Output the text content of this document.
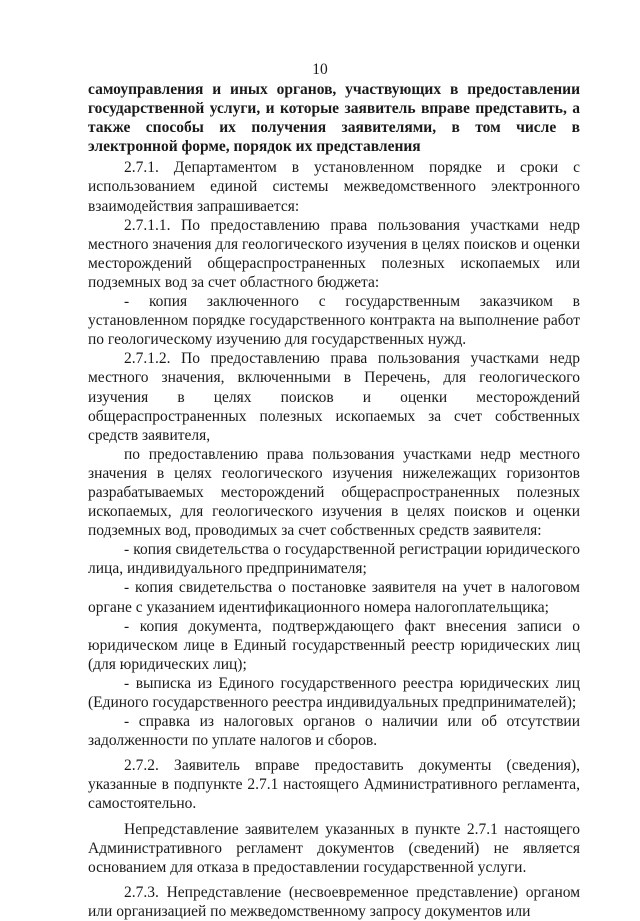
10

самоуправления и иных органов, участвующих в предоставлении государственной услуги, и которые заявитель вправе представить, а также способы их получения заявителями, в том числе в электронной форме, порядок их представления

2.7.1. Департаментом в установленном порядке и сроки с использованием единой системы межведомственного электронного взаимодействия запрашивается:

2.7.1.1. По предоставлению права пользования участками недр местного значения для геологического изучения в целях поисков и оценки месторождений общераспространенных полезных ископаемых или подземных вод за счет областного бюджета:

- копия заключенного с государственным заказчиком в установленном порядке государственного контракта на выполнение работ по геологическому изучению для государственных нужд.

2.7.1.2. По предоставлению права пользования участками недр местного значения, включенными в Перечень, для геологического изучения в целях поисков и оценки месторождений общераспространенных полезных ископаемых за счет собственных средств заявителя,

по предоставлению права пользования участками недр местного значения в целях геологического изучения нижележащих горизонтов разрабатываемых месторождений общераспространенных полезных ископаемых, для геологического изучения в целях поисков и оценки подземных вод, проводимых за счет собственных средств заявителя:

- копия свидетельства о государственной регистрации юридического лица, индивидуального предпринимателя;

- копия свидетельства о постановке заявителя на учет в налоговом органе с указанием идентификационного номера налогоплательщика;

- копия документа, подтверждающего факт внесения записи о юридическом лице в Единый государственный реестр юридических лиц (для юридических лиц);

- выписка из Единого государственного реестра юридических лиц (Единого государственного реестра индивидуальных предпринимателей);

- справка из налоговых органов о наличии или об отсутствии задолженности по уплате налогов и сборов.

2.7.2. Заявитель вправе предоставить документы (сведения), указанные в подпункте 2.7.1 настоящего Административного регламента, самостоятельно.

Непредставление заявителем указанных в пункте 2.7.1 настоящего Административного регламент документов (сведений) не является основанием для отказа в предоставлении государственной услуги.

2.7.3. Непредставление (несвоевременное представление) органом или организацией по межведомственному запросу документов или
